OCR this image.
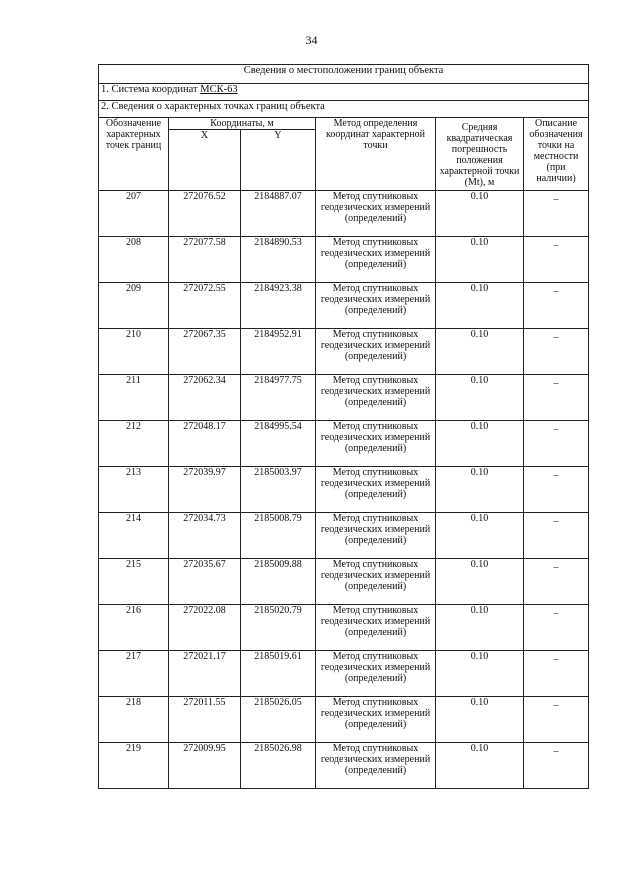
34
Сведения о местоположении границ объекта					
1. Система координат МСК-63					
2. Сведения о характерных точках границ объекта					
Обозначение характерных точек границ	Координаты, м		Метод определения координат характерной точки	Средняя квадратическая погрешность положения характерной точки (Mt), м	Описание обозначения точки на местности (при наличии)
	X	Y			
207	272076.52	2184887.07	Метод спутниковых геодезических измерений (определений)	0.10	–
208	272077.58	2184890.53	Метод спутниковых геодезических измерений (определений)	0.10	–
209	272072.55	2184923.38	Метод спутниковых геодезических измерений (определений)	0.10	–
210	272067.35	2184952.91	Метод спутниковых геодезических измерений (определений)	0.10	–
211	272062.34	2184977.75	Метод спутниковых геодезических измерений (определений)	0.10	–
212	272048.17	2184995.54	Метод спутниковых геодезических измерений (определений)	0.10	–
213	272039.97	2185003.97	Метод спутниковых геодезических измерений (определений)	0.10	–
214	272034.73	2185008.79	Метод спутниковых геодезических измерений (определений)	0.10	–
215	272035.67	2185009.88	Метод спутниковых геодезических измерений (определений)	0.10	–
216	272022.08	2185020.79	Метод спутниковых геодезических измерений (определений)	0.10	–
217	272021.17	2185019.61	Метод спутниковых геодезических измерений (определений)	0.10	–
218	272011.55	2185026.05	Метод спутниковых геодезических измерений (определений)	0.10	–
219	272009.95	2185026.98	Метод спутниковых геодезических измерений (определений)	0.10	–
